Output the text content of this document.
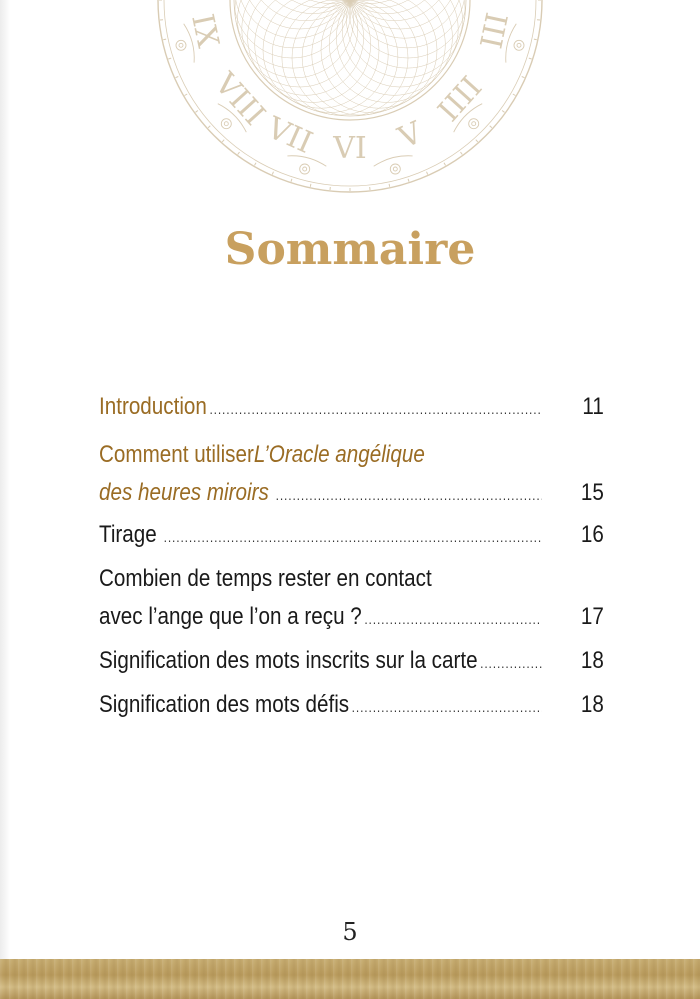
III
IIII
V
VI
VII
VIII
IX
Sommaire
Introduction .....	11
Comment utiliser L’Oracle angélique
des heures miroirs .....	15
Tirage .....	16
Combien de temps rester en contact
avec l’ange que l’on a reçu ? .....	17
Signification des mots inscrits sur la carte .....	18
Signification des mots défis .....	18
5
